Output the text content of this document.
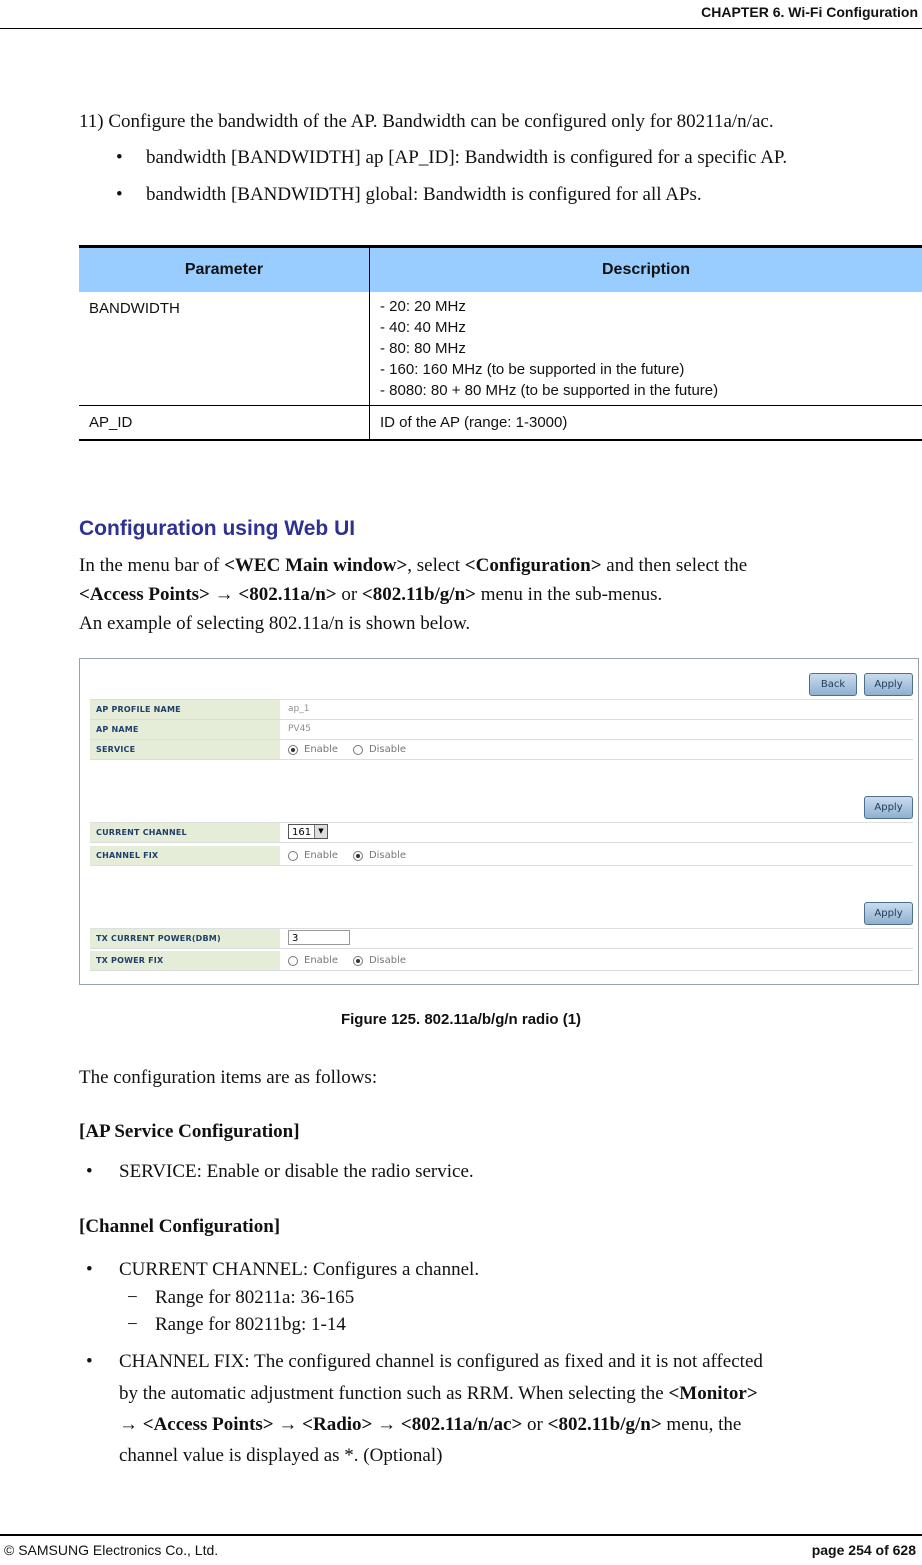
CHAPTER 6. Wi-Fi Configuration
11) Configure the bandwidth of the AP. Bandwidth can be configured only for 80211a/n/ac.
• bandwidth [BANDWIDTH] ap [AP_ID]: Bandwidth is configured for a specific AP.
• bandwidth [BANDWIDTH] global: Bandwidth is configured for all APs.
Parameter	Description
BANDWIDTH	- 20: 20 MHz
- 40: 40 MHz
- 80: 80 MHz
- 160: 160 MHz (to be supported in the future)
- 8080: 80 + 80 MHz (to be supported in the future)

AP_ID	ID of the AP (range: 1-3000)
Configuration using Web UI
In the menu bar of <WEC Main window>, select <Configuration> and then select the
<Access Points> → <802.11a/n> or <802.11b/g/n> menu in the sub-menus.
An example of selecting 802.11a/n is shown below.
Back	Apply
AP PROFILE NAME	ap_1
AP NAME	PV45
SERVICE	Enable	Disable
Apply
CURRENT CHANNEL	161	▼
CHANNEL FIX	Enable	Disable
Apply
TX CURRENT POWER(DBM)	3
TX POWER FIX	Enable	Disable
Figure 125. 802.11a/b/g/n radio (1)
The configuration items are as follows:
[AP Service Configuration]
• SERVICE: Enable or disable the radio service.
[Channel Configuration]
• CURRENT CHANNEL: Configures a channel.
− Range for 80211a: 36-165
− Range for 80211bg: 1-14
• CHANNEL FIX: The configured channel is configured as fixed and it is not affected
by the automatic adjustment function such as RRM. When selecting the <Monitor>
→ <Access Points> → <Radio> → <802.11a/n/ac> or <802.11b/g/n> menu, the
channel value is displayed as *. (Optional)
© SAMSUNG Electronics Co., Ltd.	page 254 of 628
